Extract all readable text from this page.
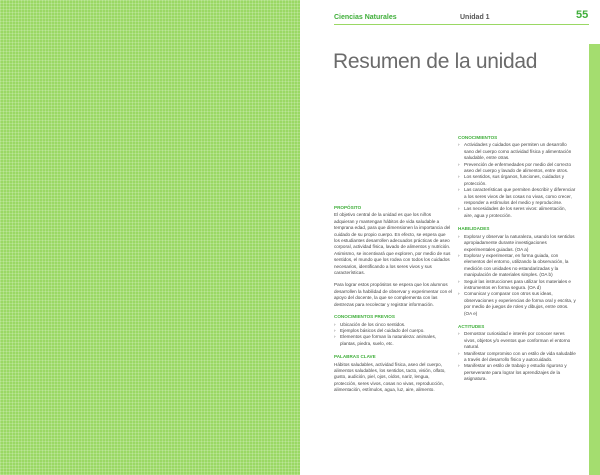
Ciencias Naturales	Unidad 1	55
Resumen de la unidad
PROPÓSITO

El objetivo central de la unidad es que los niños adquieran y mantengan hábitos de vida saludable a temprana edad, para que dimensionen la importancia del cuidado de su propio cuerpo. En efecto, se espera que los estudiantes desarrollen adecuados prácticas de aseo corporal, actividad física, lavado de alimentos y nutrición. Asimismo, se incentivará que exploren, por medio de sus sentidos, el mundo que los rodea con todos los cuidados necesarios, identificando a los seres vivos y sus características.

Para lograr estos propósitos se espera que los alumnos desarrollen la habilidad de observar y experimentar con el apoyo del docente, la que se complementa con las destrezas para recolectar y registrar información.

CONOCIMIENTOS PREVIOS
› Ubicación de los cinco sentidos.
› Ejemplos básicos del cuidado del cuerpo.
› Elementos que forman la naturaleza: animales, plantas, piedra, suelo, etc.
PALABRAS CLAVE

Hábitos saludables, actividad física, aseo del cuerpo, alimentos saludables, los sentidos, tacto, visión, olfato, gusto, audición, piel, ojos, oídos, nariz, lengua, protección, seres vivos, cosas no vivas, reproducción, alimentación, estímulos, agua, luz, aire, alimento.

CONOCIMIENTOS
› Actividades y cuidados que permiten un desarrollo sano del cuerpo como actividad física y alimentación saludable, entre otras.
› Prevención de enfermedades por medio del correcto aseo del cuerpo y lavado de alimentos, entre otros.
› Los sentidos, sus órganos, funciones, cuidados y protección.
› Las características que permiten describir y diferenciar a los seres vivos de las cosas no vivas, como crecer, responder a estímulos del medio y reproducirse.
› Las necesidades de los seres vivos: alimentación, aire, agua y protección.
HABILIDADES
› Explorar y observar la naturaleza, usando los sentidos apropiadamente durante investigaciones experimentales guiadas. (OA a)
› Explorar y experimentar, en forma guiada, con elementos del entorno, utilizando la observación, la medición con unidades no estandarizadas y la manipulación de materiales simples. (OA b)
› Seguir las instrucciones para utilizar los materiales e instrumentos en forma segura. (OA d)
› Comunicar y comparar con otros sus ideas, observaciones y experiencias de forma oral y escrita, y por medio de juegos de roles y dibujos, entre otros. (OA e)
ACTITUDES
› Demostrar curiosidad e interés por conocer seres vivos, objetos y/o eventos que conforman el entorno natural.
› Manifestar compromiso con un estilo de vida saludable a través del desarrollo físico y autocuidado.
› Manifestar un estilo de trabajo y estudio riguroso y perseverante para lograr los aprendizajes de la asignatura.
